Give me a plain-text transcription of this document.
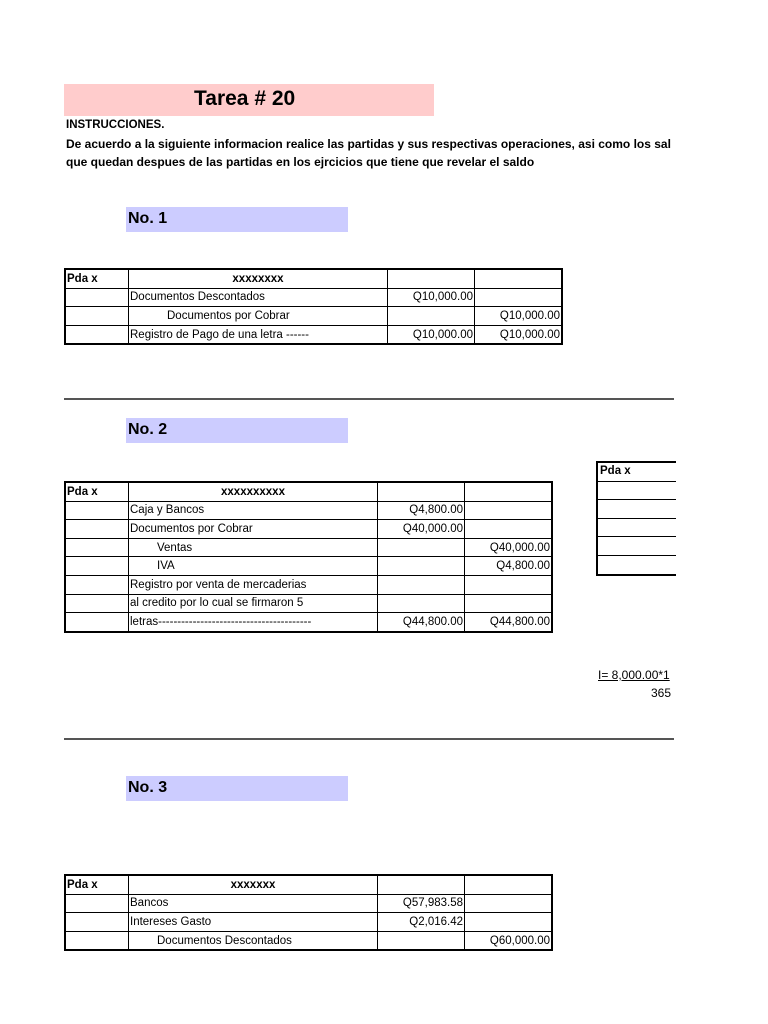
Tarea # 20
INSTRUCCIONES.
De acuerdo a la siguiente informacion realice las partidas y sus respectivas operaciones, asi como los sal
que quedan despues de las partidas en los ejrcicios que tiene que revelar el saldo
No. 1
Pda x	xxxxxxxx		
	Documentos Descontados	Q10,000.00	
	Documentos por Cobrar		Q10,000.00
	Registro de Pago de una letra ------	Q10,000.00	Q10,000.00
No. 2
Pda x	xxxxxxxxxx		
	Caja y Bancos	Q4,800.00	
	Documentos por Cobrar	Q40,000.00	
	Ventas		Q40,000.00
	IVA		Q4,800.00
	Registro por venta de mercaderias		
	al credito por lo cual se firmaron 5		
	letras----------------------------------------	Q44,800.00	Q44,800.00
Pda x
I= 8,000.00*1
365
No. 3
Pda x	xxxxxxx		
	Bancos	Q57,983.58	
	Intereses Gasto	Q2,016.42	
	Documentos Descontados		Q60,000.00
